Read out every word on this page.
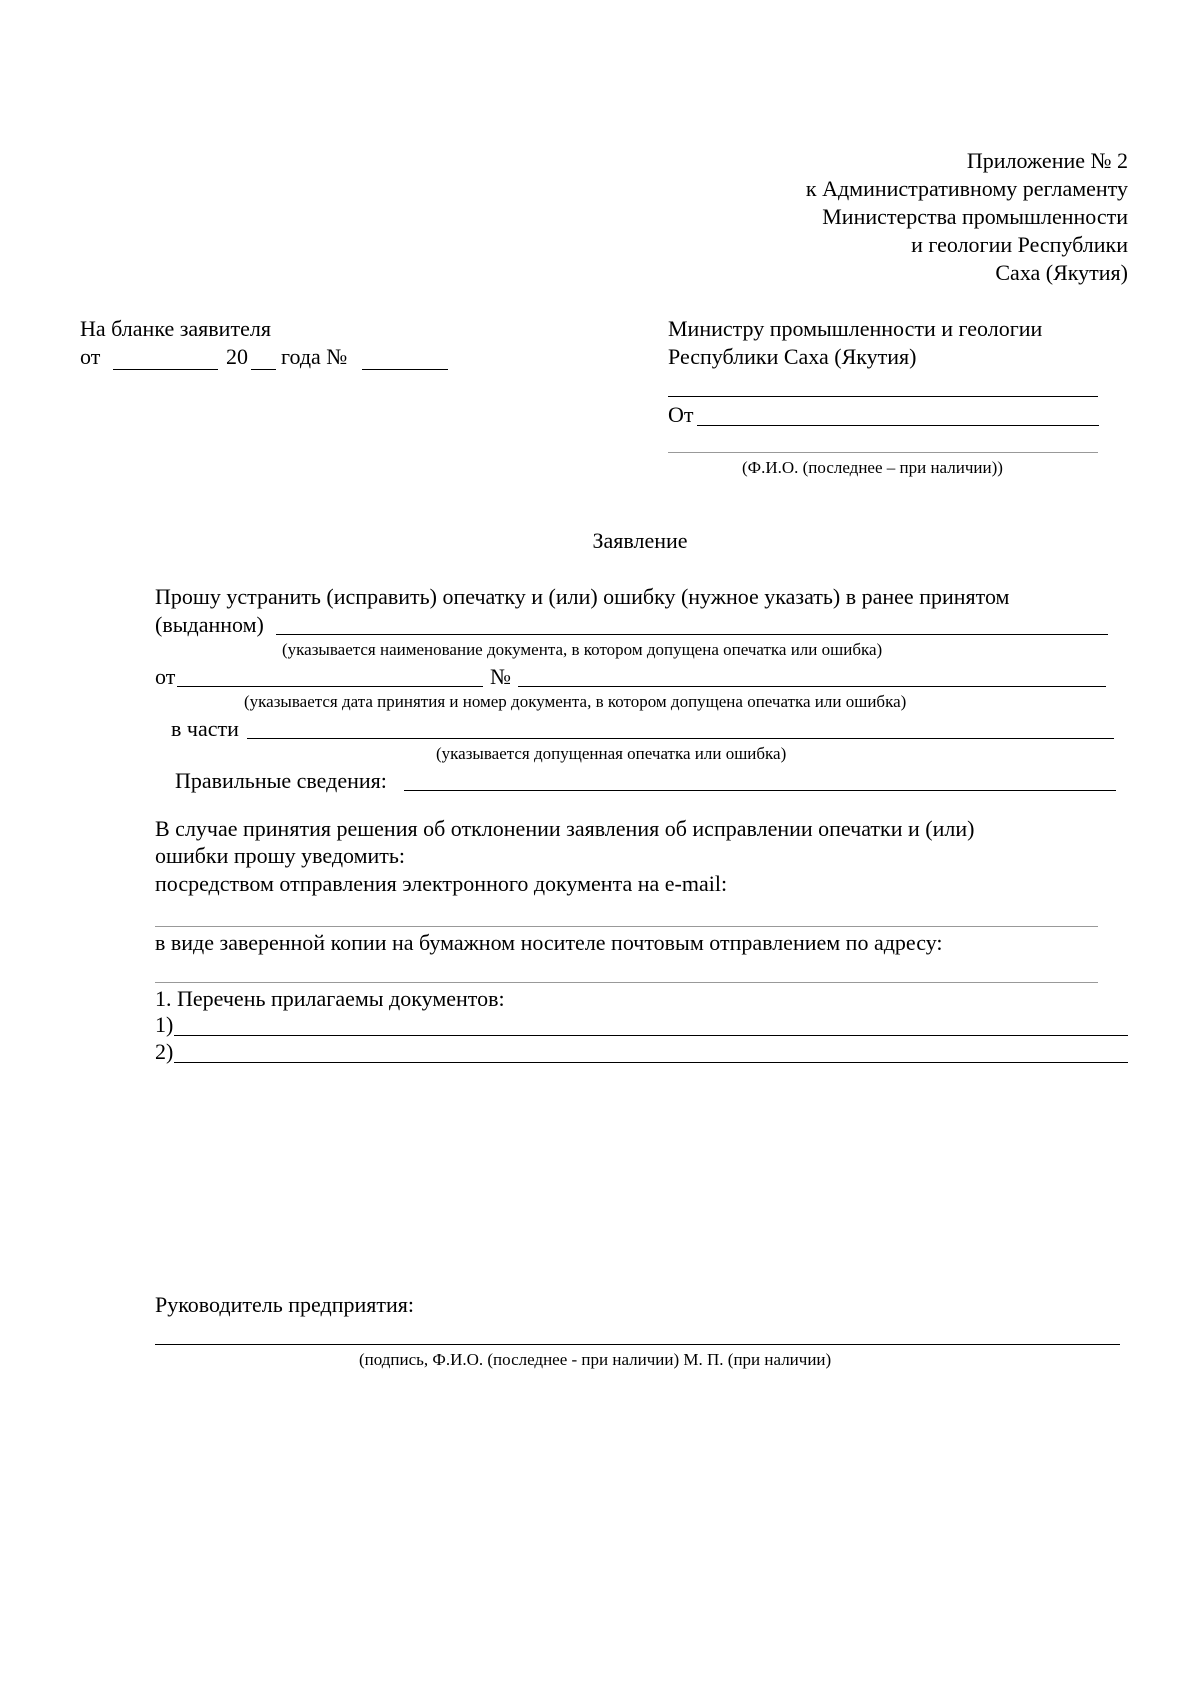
Приложение № 2
к Административному регламенту
Министерства промышленности
и геологии Республики
Саха (Якутия)
На бланке заявителя
от	20 года №
Министру промышленности и геологии
Республики Саха (Якутия)
От
(Ф.И.О. (последнее – при наличии))
Заявление
Прошу устранить (исправить) опечатку и (или) ошибку (нужное указать) в ранее принятом
(выданном)
(указывается наименование документа, в котором допущена опечатка или ошибка)
от	№
(указывается дата принятия и номер документа, в котором допущена опечатка или ошибка)
в части
(указывается допущенная опечатка или ошибка)
Правильные сведения:
В случае принятия решения об отклонении заявления об исправлении опечатки и (или)
ошибки прошу уведомить:
посредством отправления электронного документа на e-mail:
в виде заверенной копии на бумажном носителе почтовым отправлением по адресу:
1. Перечень прилагаемы документов:
1)
2)
Руководитель предприятия:
(подпись, Ф.И.О. (последнее - при наличии) М. П. (при наличии)
